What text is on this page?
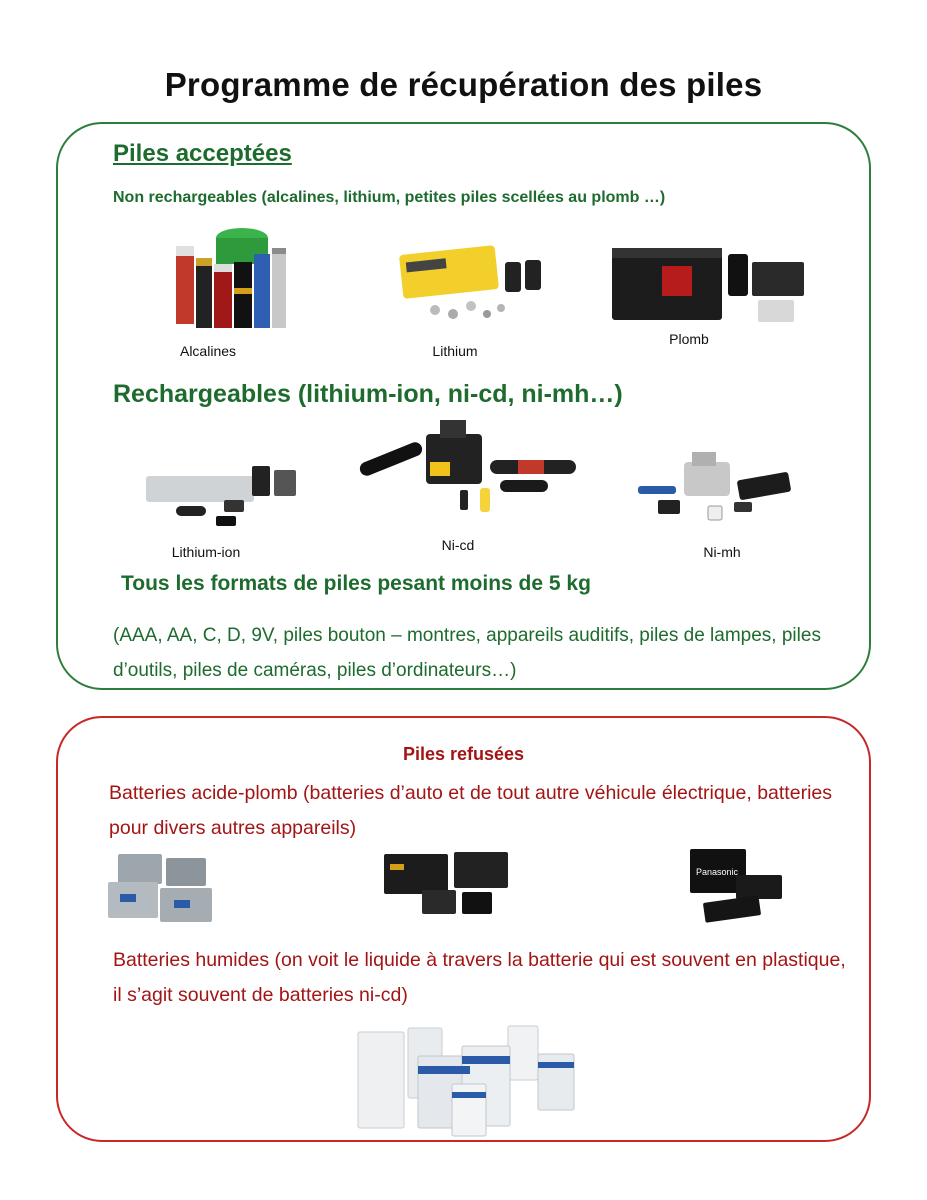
Programme de récupération des piles
Piles acceptées
Non rechargeables (alcalines, lithium, petites piles scellées au plomb …)
Alcalines	Lithium
Plomb
Rechargeables (lithium-ion, ni-cd, ni-mh…)
Lithium-ion	Ni-cd	Ni-mh
Tous les formats de piles pesant moins de 5 kg
(AAA, AA, C, D, 9V, piles bouton – montres, appareils auditifs, piles de lampes, piles d’outils, piles de caméras, piles d’ordinateurs…)
Piles refusées
Batteries acide-plomb (batteries d’auto et de tout autre véhicule électrique, batteries pour divers autres appareils)
Panasonic
Batteries humides (on voit le liquide à travers la batterie qui est souvent en plastique, il s’agit souvent de batteries ni-cd)
